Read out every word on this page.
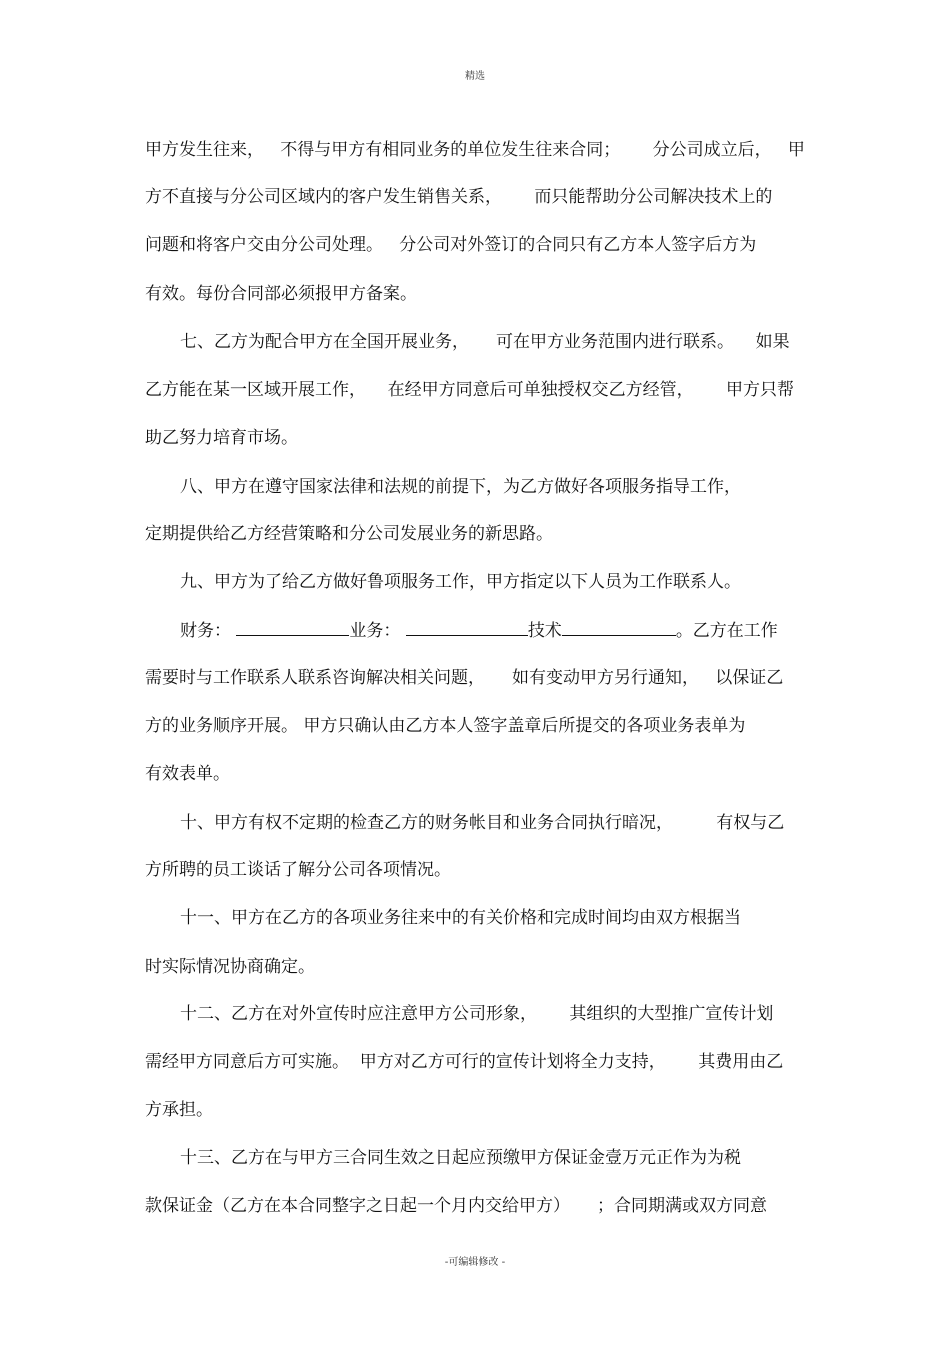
精选
甲方发生往来，   不得与甲方有相同业务的单位发生往来合同；      分公司成立后，   甲
方不直接与分公司区域内的客户发生销售关系，      而只能帮助分公司解决技术上的
问题和将客户交由分公司处理。   分公司对外签订的合同只有乙方本人签字后方为
有效。每份合同部必须报甲方备案。
七、乙方为配合甲方在全国开展业务，     可在甲方业务范围内进行联系。    如果
乙方能在某一区域开展工作，    在经甲方同意后可单独授权交乙方经管，      甲方只帮
助乙努力培育市场。
八、甲方在遵守国家法律和法规的前提下，为乙方做好各项服务指导工作，
定期提供给乙方经营策略和分公司发展业务的新思路。
九、甲方为了给乙方做好鲁项服务工作，甲方指定以下人员为工作联系人。
财务：	业务：	技术	。乙方在工作
需要时与工作联系人联系咨询解决相关问题，     如有变动甲方另行通知，   以保证乙
方的业务顺序开展。 甲方只确认由乙方本人签字盖章后所提交的各项业务表单为
有效表单。
十、甲方有权不定期的检查乙方的财务帐目和业务合同执行暗况，        有权与乙
方所聘的员工谈话了解分公司各项情况。
十一、甲方在乙方的各项业务往来中的有关价格和完成时间均由双方根据当
时实际情况协商确定。
十二、乙方在对外宣传时应注意甲方公司形象，      其组织的大型推广宣传计划
需经甲方同意后方可实施。  甲方对乙方可行的宣传计划将全力支持，      其费用由乙
方承担。
十三、乙方在与甲方三合同生效之日起应预缴甲方保证金壹万元正作为为税
款保证金（乙方在本合同整字之日起一个月内交给甲方）     ；合同期满或双方同意
-可编辑修改 -
